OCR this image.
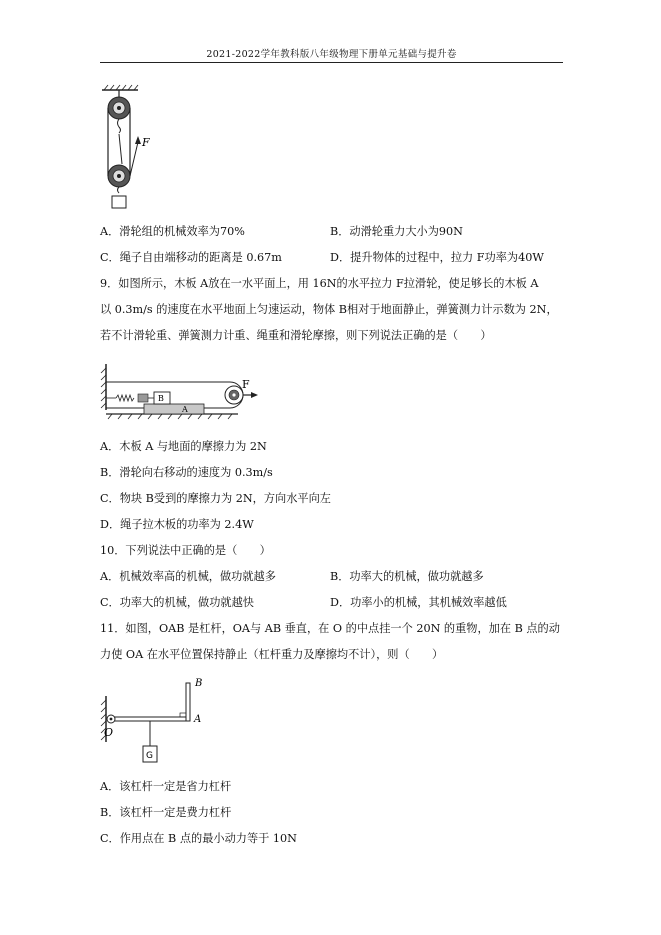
2021-2022学年教科版八年级物理下册单元基础与提升卷
F
A．滑轮组的机械效率为70%	B．动滑轮重力大小为90N
C．绳子自由端移动的距离是 0.67m	D．提升物体的过程中，拉力 F功率为40W
9．如图所示，木板 A放在一水平面上，用 16N的水平拉力 F拉滑轮，使足够长的木板 A
以 0.3m/s 的速度在水平地面上匀速运动，物体 B相对于地面静止，弹簧测力计示数为 2N，
若不计滑轮重、弹簧测力计重、绳重和滑轮摩擦，则下列说法正确的是（　　）
F
A
B
A．木板 A 与地面的摩擦力为 2N
B．滑轮向右移动的速度为 0.3m/s
C．物块 B受到的摩擦力为 2N，方向水平向左
D．绳子拉木板的功率为 2.4W
10．下列说法中正确的是（　　）
A．机械效率高的机械，做功就越多	B．功率大的机械，做功就越多
C．功率大的机械，做功就越快	D．功率小的机械，其机械效率越低
11．如图，OAB 是杠杆，OA与 AB 垂直，在 O 的中点挂一个 20N 的重物，加在 B 点的动
力使 OA 在水平位置保持静止（杠杆重力及摩擦均不计），则（　　）
O
A
B
G
A．该杠杆一定是省力杠杆
B．该杠杆一定是费力杠杆
C．作用点在 B 点的最小动力等于 10N
